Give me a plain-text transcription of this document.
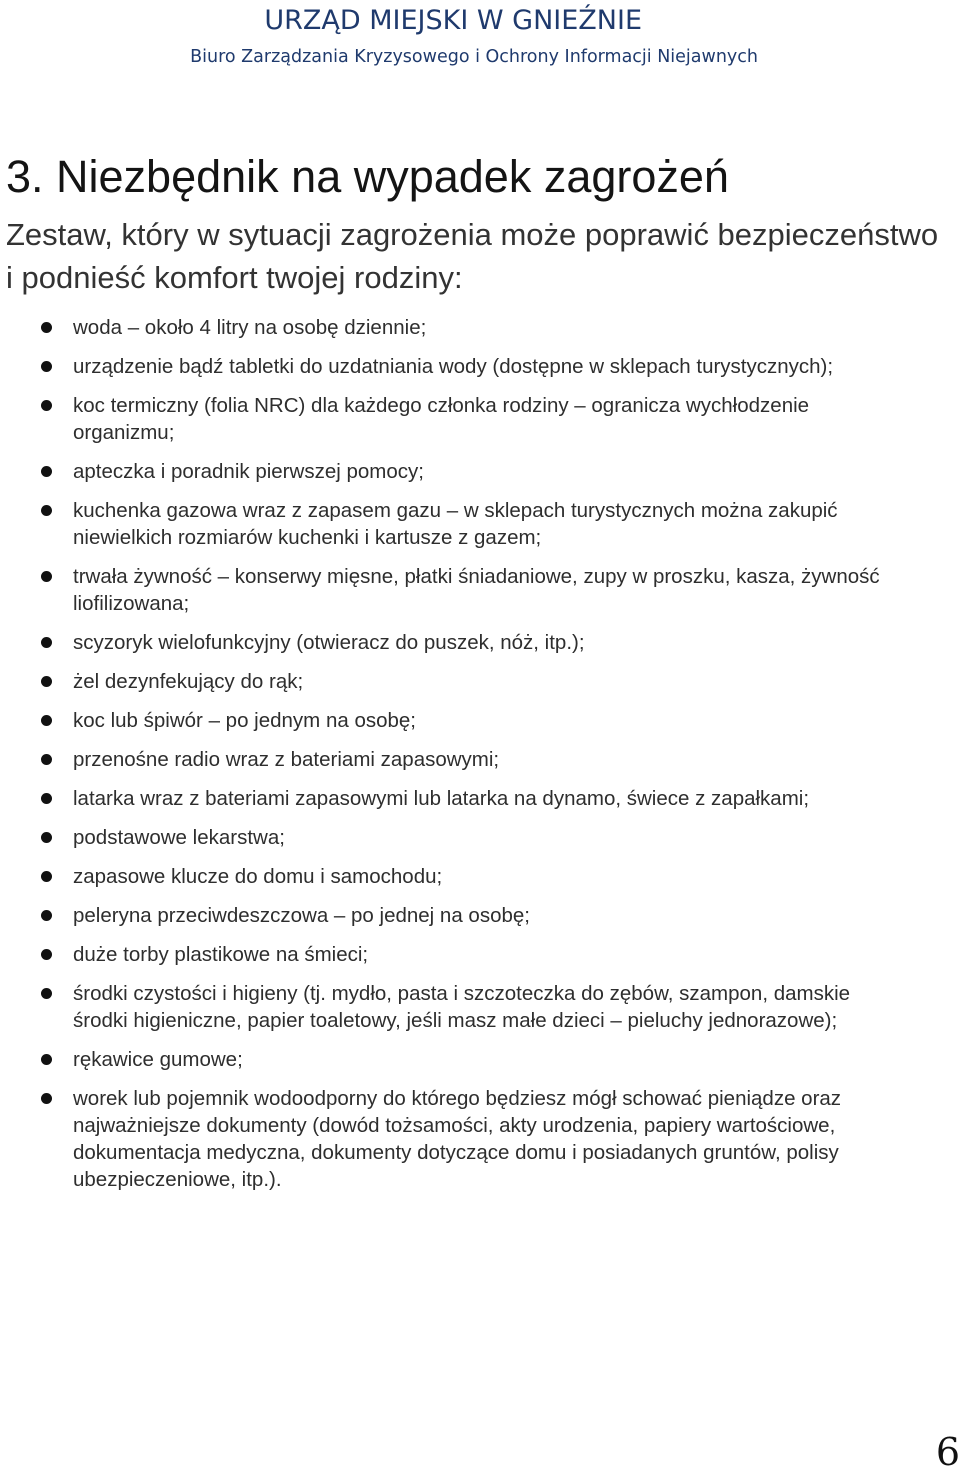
URZĄD MIEJSKI W GNIEŹNIE

Biuro Zarządzania Kryzysowego i Ochrony Informacji Niejawnych

3. Niezbędnik na wypadek zagrożeń

Zestaw, który w sytuacji zagrożenia może poprawić bezpieczeństwo i podnieść komfort twojej rodziny:

woda – około 4 litry na osobę dziennie;
urządzenie bądź tabletki do uzdatniania wody (dostępne w sklepach turystycznych);
koc termiczny (folia NRC) dla każdego członka rodziny – ogranicza wychłodzenie organizmu;
apteczka i poradnik pierwszej pomocy;
kuchenka gazowa wraz z zapasem gazu – w sklepach turystycznych można zakupić niewielkich rozmiarów kuchenki i kartusze z gazem;
trwała żywność – konserwy mięsne, płatki śniadaniowe, zupy w proszku, kasza, żywność liofilizowana;
scyzoryk wielofunkcyjny (otwieracz do puszek, nóż, itp.);
żel dezynfekujący do rąk;
koc lub śpiwór – po jednym na osobę;
przenośne radio wraz z bateriami zapasowymi;
latarka wraz z bateriami zapasowymi lub latarka na dynamo, świece z zapałkami;
podstawowe lekarstwa;
zapasowe klucze do domu i samochodu;
peleryna przeciwdeszczowa – po jednej na osobę;
duże torby plastikowe na śmieci;
środki czystości i higieny (tj. mydło, pasta i szczoteczka do zębów, szampon, damskie środki higieniczne, papier toaletowy, jeśli masz małe dzieci – pieluchy jednorazowe);
rękawice gumowe;
worek lub pojemnik wodoodporny do którego będziesz mógł schować pieniądze oraz najważniejsze dokumenty (dowód tożsamości, akty urodzenia, papiery wartościowe, dokumentacja medyczna, dokumenty dotyczące domu i posiadanych gruntów, polisy ubezpieczeniowe, itp.).

6
